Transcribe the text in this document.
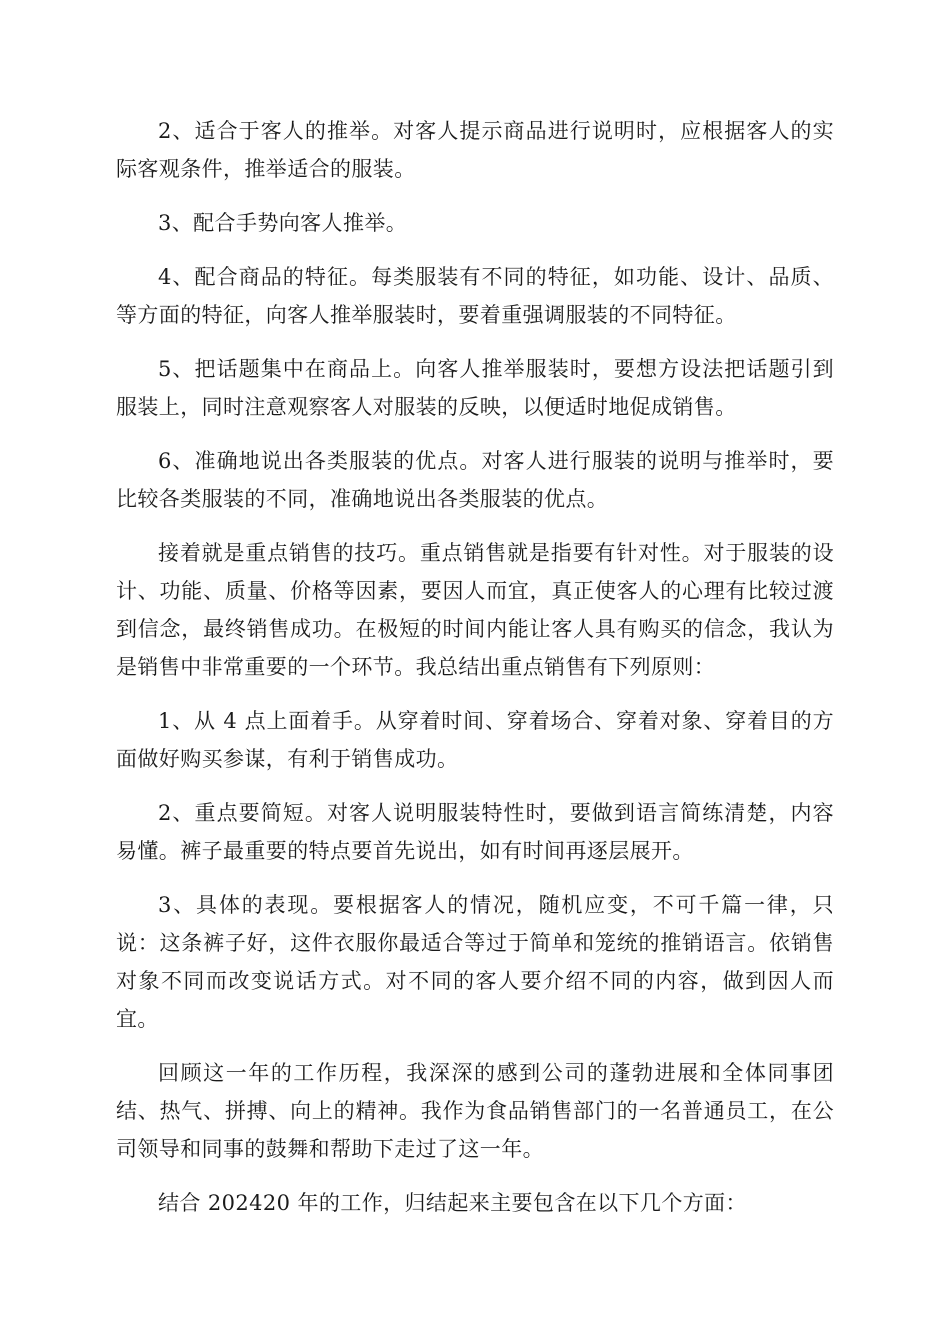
2、适合于客人的推举。对客人提示商品进行说明时，应根据客人的实际客观条件，推举适合的服装。

3、配合手势向客人推举。

4、配合商品的特征。每类服装有不同的特征，如功能、设计、品质、等方面的特征，向客人推举服装时，要着重强调服装的不同特征。

5、把话题集中在商品上。向客人推举服装时，要想方设法把话题引到服装上，同时注意观察客人对服装的反映，以便适时地促成销售。

6、准确地说出各类服装的优点。对客人进行服装的说明与推举时，要比较各类服装的不同，准确地说出各类服装的优点。

接着就是重点销售的技巧。重点销售就是指要有针对性。对于服装的设计、功能、质量、价格等因素，要因人而宜，真正使客人的心理有比较过渡到信念，最终销售成功。在极短的时间内能让客人具有购买的信念，我认为是销售中非常重要的一个环节。我总结出重点销售有下列原则：

1、从 4 点上面着手。从穿着时间、穿着场合、穿着对象、穿着目的方面做好购买参谋，有利于销售成功。

2、重点要简短。对客人说明服装特性时，要做到语言简练清楚，内容易懂。裤子最重要的特点要首先说出，如有时间再逐层展开。

3、具体的表现。要根据客人的情况，随机应变，不可千篇一律，只说：这条裤子好，这件衣服你最适合等过于简单和笼统的推销语言。依销售对象不同而改变说话方式。对不同的客人要介绍不同的内容，做到因人而宜。

回顾这一年的工作历程，我深深的感到公司的蓬勃进展和全体同事团结、热气、拼搏、向上的精神。我作为食品销售部门的一名普通员工，在公司领导和同事的鼓舞和帮助下走过了这一年。

结合 202420 年的工作，归结起来主要包含在以下几个方面：
